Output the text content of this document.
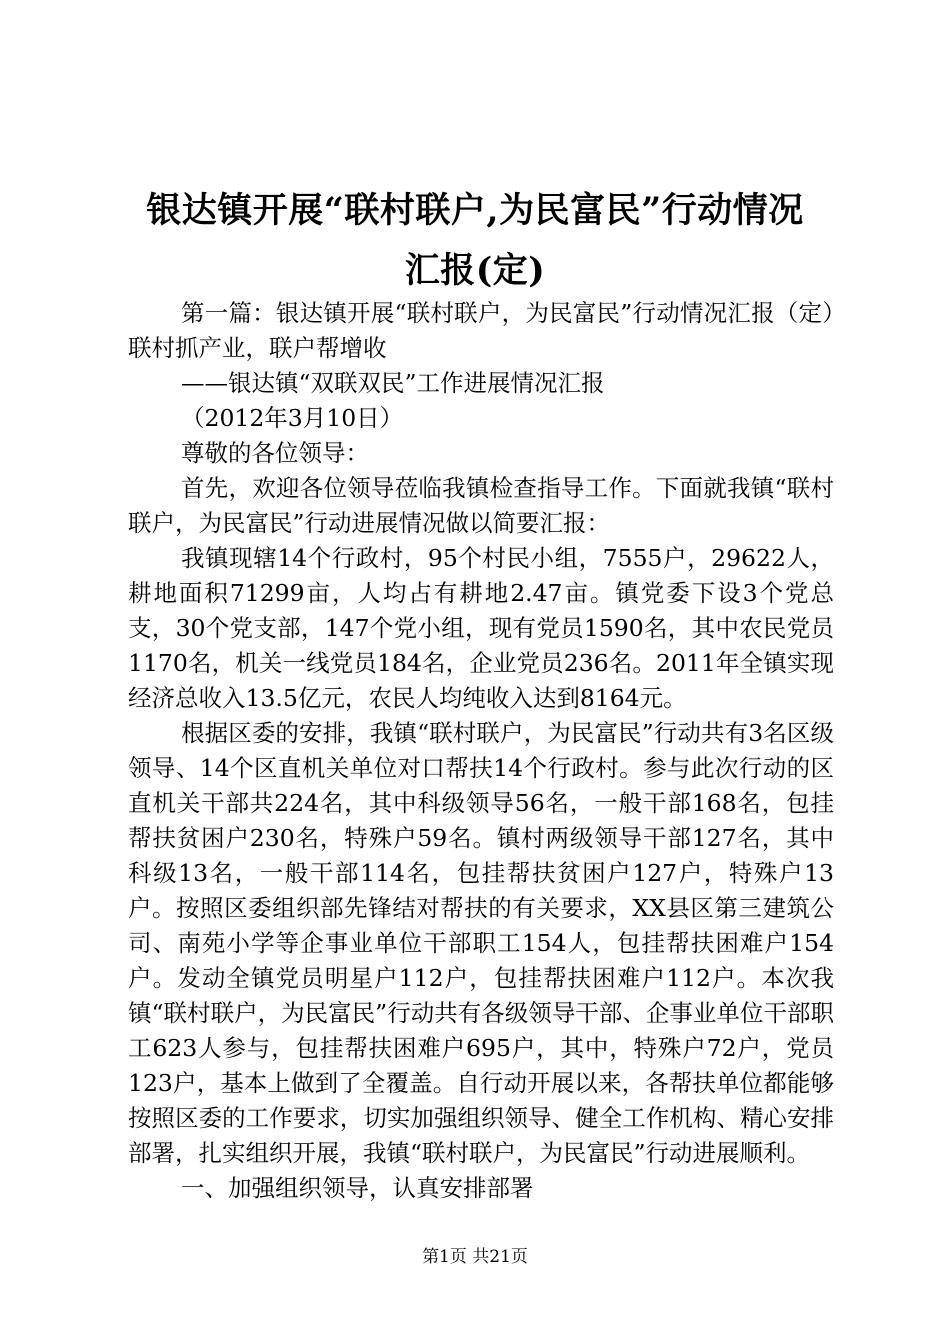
银达镇开展“联村联户,为民富民”行动情况
汇报(定)

第一篇：银达镇开展“联村联户，为民富民”行动情况汇报（定）联村抓产业，联户帮增收

——银达镇“双联双民”工作进展情况汇报

（2012年3月10日）

尊敬的各位领导：

首先，欢迎各位领导莅临我镇检查指导工作。下面就我镇“联村联户，为民富民”行动进展情况做以简要汇报：

我镇现辖14个行政村，95个村民小组，7555户，29622人，耕地面积71299亩，人均占有耕地2.47亩。镇党委下设3个党总支，30个党支部，147个党小组，现有党员1590名，其中农民党员1170名，机关一线党员184名，企业党员236名。2011年全镇实现经济总收入13.5亿元，农民人均纯收入达到8164元。

根据区委的安排，我镇“联村联户，为民富民”行动共有3名区级领导、14个区直机关单位对口帮扶14个行政村。参与此次行动的区直机关干部共224名，其中科级领导56名，一般干部168名，包挂帮扶贫困户230名，特殊户59名。镇村两级领导干部127名，其中科级13名，一般干部114名，包挂帮扶贫困户127户，特殊户13户。按照区委组织部先锋结对帮扶的有关要求，XX县区第三建筑公司、南苑小学等企事业单位干部职工154人，包挂帮扶困难户154户。发动全镇党员明星户112户，包挂帮扶困难户112户。本次我镇“联村联户，为民富民”行动共有各级领导干部、企事业单位干部职工623人参与，包挂帮扶困难户695户，其中，特殊户72户，党员123户，基本上做到了全覆盖。自行动开展以来，各帮扶单位都能够按照区委的工作要求，切实加强组织领导、健全工作机构、精心安排部署，扎实组织开展，我镇“联村联户，为民富民”行动进展顺利。

一、加强组织领导，认真安排部署

第1页 共21页
